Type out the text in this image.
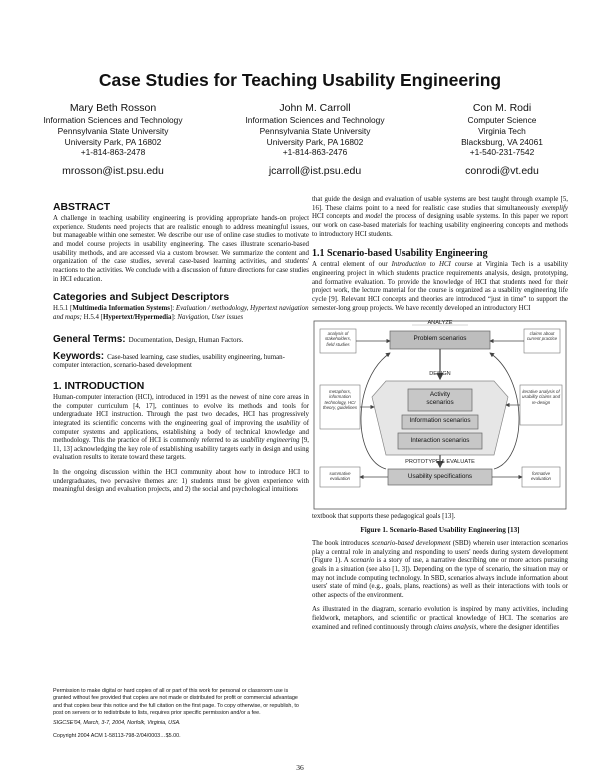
Case Studies for Teaching Usability Engineering
Mary Beth Rosson
Information Sciences and Technology
Pennsylvania State University
University Park, PA 16802
+1-814-863-2478
mrosson@ist.psu.edu
John M. Carroll
Information Sciences and Technology
Pennsylvania State University
University Park, PA 16802
+1-814-863-2476
jcarroll@ist.psu.edu
Con M. Rodi
Computer Science
Virginia Tech
Blacksburg, VA 24061
+1-540-231-7542
conrodi@vt.edu
ABSTRACT

A challenge in teaching usability engineering is providing appropriate hands-on project experience. Students need projects that are realistic enough to address meaningful issues, but manageable within one semester. We describe our use of online case studies to motivate and model course projects in usability engineering. The cases illustrate scenario-based usability methods, and are accessed via a custom browser. We summarize the content and organization of the case studies, several case-based learning activities, and students' reactions to the activities. We conclude with a discussion of future directions for case studies in HCI education.

Categories and Subject Descriptors

H.5.1 [Multimedia Information Systems]: Evaluation / methodology, Hypertext navigation and maps; H.5.4 [Hypertext/Hypermedia]: Navigation, User issues

General Terms: Documentation, Design, Human Factors.

Keywords: Case-based learning, case studies, usability engineering, human-computer interaction, scenario-based development

1. INTRODUCTION

Human-computer interaction (HCI), introduced in 1991 as the newest of nine core areas in the computer curriculum [4, 17], continues to evolve its methods and tools for undergraduate HCI instruction. Through the past two decades, HCI has progressively integrated its scientific concerns with the engineering goal of improving the usability of computer systems and applications, establishing a body of technical knowledge and methodology. This the practice of HCI is commonly referred to as usability engineering [9, 11, 13] acknowledging the key role of establishing usability targets early in design and using evaluation results to iterate toward these targets.

In the ongoing discussion within the HCI community about how to introduce HCI to undergraduates, two pervasive themes are: 1) students must be given experience with meaningful design and evaluation projects, and 2) the social and psychological intuitions

that guide the design and evaluation of usable systems are best taught through example [5, 16]. These claims point to a need for realistic case studies that simultaneously exemplify HCI concepts and model the process of designing usable systems. In this paper we report our work on case-based materials for teaching usability engineering concepts and methods to introductory HCI students.

1.1 Scenario-based Usability Engineering

A central element of our Introduction to HCI course at Virginia Tech is a usability engineering project in which students practice requirements analysis, design, prototyping, and formative evaluation. To provide the knowledge of HCI that students need for their project work, the lecture material for the course is organized as a usability engineering life cycle [9]. Relevant HCI concepts and theories are introduced “just in time” to support the semester-long group projects. We have recently developed an introductory HCI

ANALYZE
DESIGN
PROTOTYPE & EVALUATE
Problem scenarios
Activity scenarios
Information scenarios
Interaction scenarios
Usability specifications
analysis of stakeholders, field studies
claims about current practice
metaphors, information technology, HCI theory, guidelines
iterative analysis of usability claims and re-design
summative evaluation
formative evaluation

textbook that supports these pedagogical goals [13].

Figure 1. Scenario-Based Usability Engineering [13]

The book introduces scenario-based development (SBD) wherein user interaction scenarios play a central role in analyzing and responding to users' needs during system development (Figure 1). A scenario is a story of use, a narrative describing one or more actors pursuing goals in a situation (see also [1, 3]). Depending on the type of scenario, the situation may or may not include computing technology. In SBD, scenarios always include information about users' state of mind (e.g., goals, plans, reactions) as well as their interactions with tools or other aspects of the environment.

As illustrated in the diagram, scenario evolution is inspired by many activities, including fieldwork, metaphors, and scientific or practical knowledge of HCI. The scenarios are examined and refined continuously through claims analysis, where the designer identifies

Permission to make digital or hard copies of all or part of this work for personal or classroom use is granted without fee provided that copies are not made or distributed for profit or commercial advantage and that copies bear this notice and the full citation on the first page. To copy otherwise, or republish, to post on servers or to redistribute to lists, requires prior specific permission and/or a fee.

SIGCSE'04, March, 3-7, 2004, Norfolk, Virginia, USA.

Copyright 2004 ACM 1-58113-798-2/04/0003…$5.00.

36
